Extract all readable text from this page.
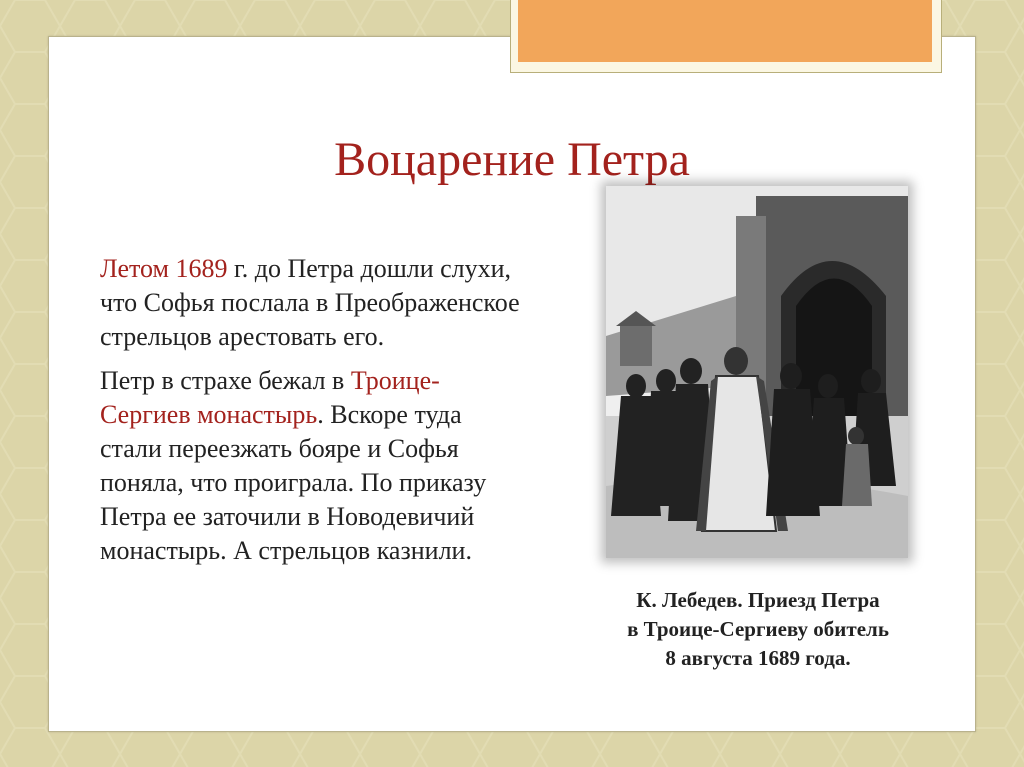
Воцарение Петра

Летом 1689 г. до Петра дошли слухи, что Софья послала в Преображенское стрельцов арестовать его.

Петр в страхе бежал в Троице-Сергиев монастырь. Вскоре туда стали переезжать бояре и Софья поняла, что проиграла. По приказу Петра ее заточили в Новодевичий монастырь. А стрельцов казнили.

К. Лебедев. Приезд Петра
в Троице-Сергиеву обитель
8 августа 1689 года.
